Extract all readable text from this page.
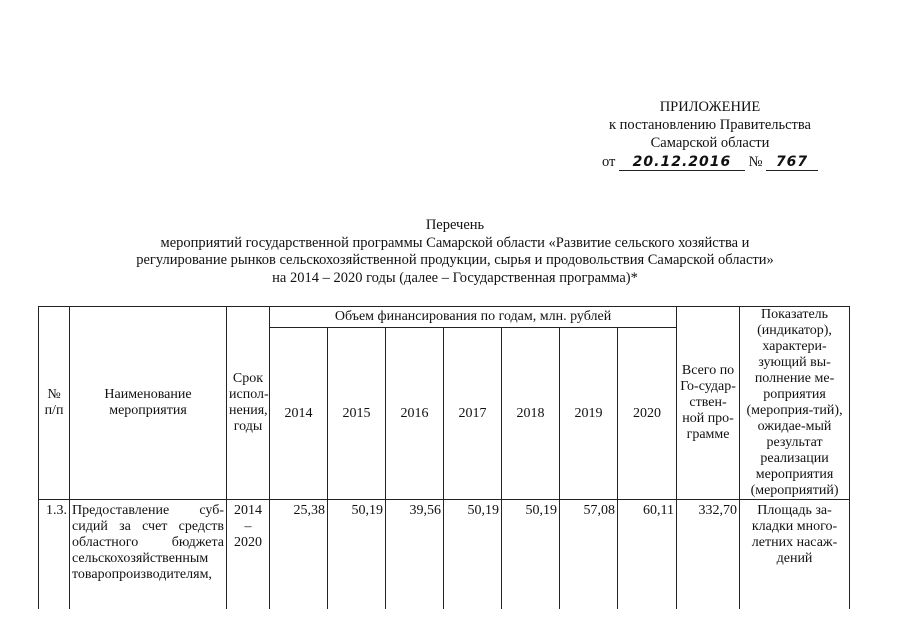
ПРИЛОЖЕНИЕ
к постановлению Правительства
Самарской области
от 20.12.2016 № 767
Перечень
мероприятий государственной программы Самарской области «Развитие сельского хозяйства и
регулирование рынков сельскохозяйственной продукции, сырья и продовольствия Самарской области»
на 2014 – 2020 годы (далее – Государственная программа)*
№ п/п	Наименование мероприятия	Срок испол-нения, годы	Объем финансирования по годам, млн. рублей							Всего по Го-судар-ствен-ной про-грамме	Показатель (индикатор), характери-зующий вы-полнение ме-роприятия (мероприя-тий), ожидае-мый результат реализации мероприятия (мероприятий)
			2014	2015	2016	2017	2018	2019	2020		
1.3.	Предоставление суб-сидий за счет средств областного бюджета сельскохозяйственным товаропроизводителям,	2014 – 2020	25,38	50,19	39,56	50,19	50,19	57,08	60,11	332,70	Площадь за-кладки много-летних насаж-дений
